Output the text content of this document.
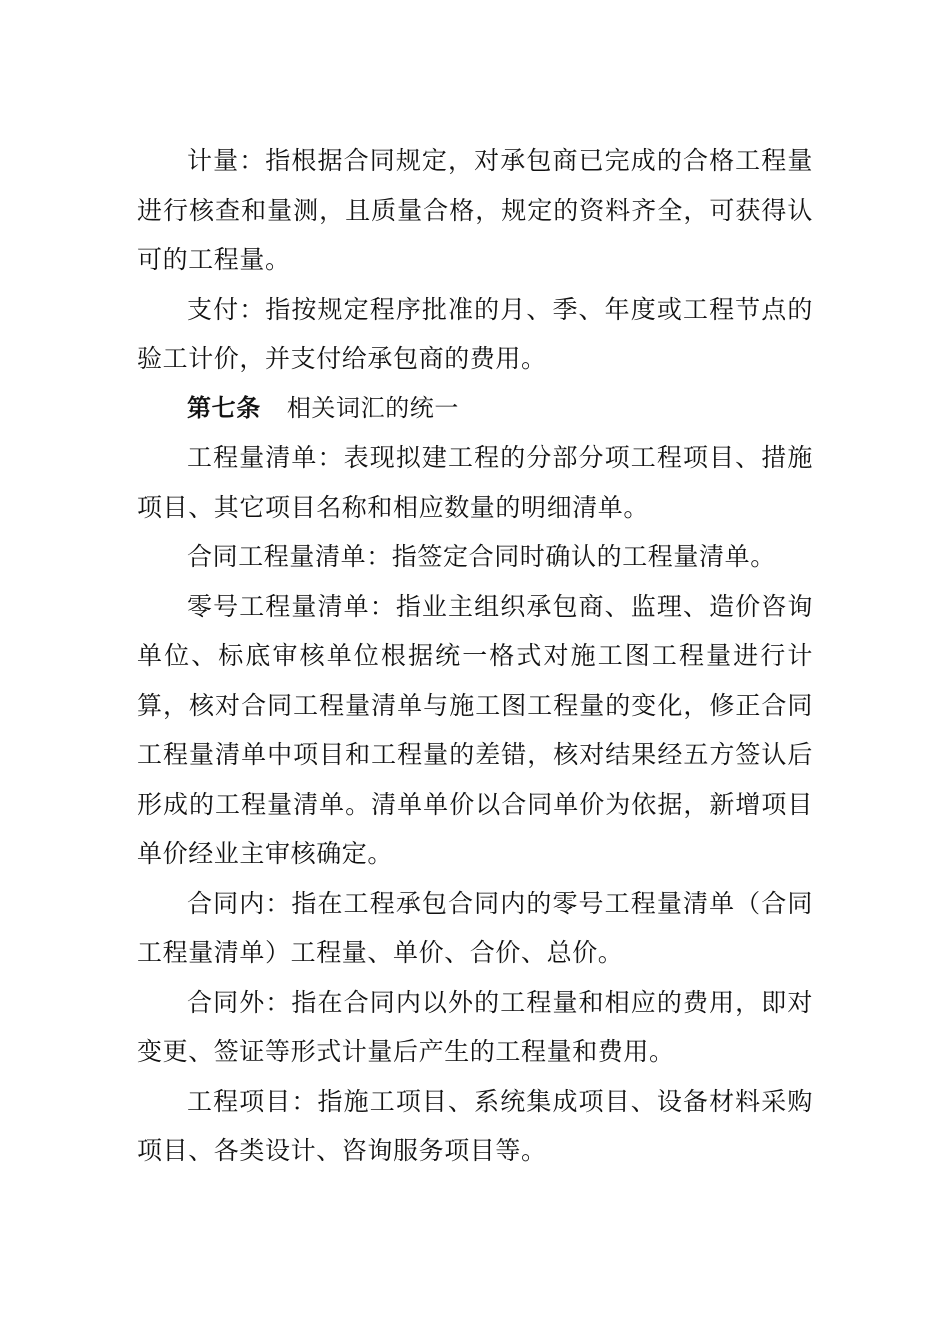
计量：指根据合同规定，对承包商已完成的合格工程量进行核查和量测，且质量合格，规定的资料齐全，可获得认可的工程量。

支付：指按规定程序批准的月、季、年度或工程节点的验工计价，并支付给承包商的费用。

第七条 相关词汇的统一

工程量清单：表现拟建工程的分部分项工程项目、措施项目、其它项目名称和相应数量的明细清单。

合同工程量清单：指签定合同时确认的工程量清单。

零号工程量清单：指业主组织承包商、监理、造价咨询单位、标底审核单位根据统一格式对施工图工程量进行计算，核对合同工程量清单与施工图工程量的变化，修正合同工程量清单中项目和工程量的差错，核对结果经五方签认后形成的工程量清单。清单单价以合同单价为依据，新增项目单价经业主审核确定。

合同内：指在工程承包合同内的零号工程量清单（合同工程量清单）工程量、单价、合价、总价。

合同外：指在合同内以外的工程量和相应的费用，即对变更、签证等形式计量后产生的工程量和费用。

工程项目：指施工项目、系统集成项目、设备材料采购项目、各类设计、咨询服务项目等。
